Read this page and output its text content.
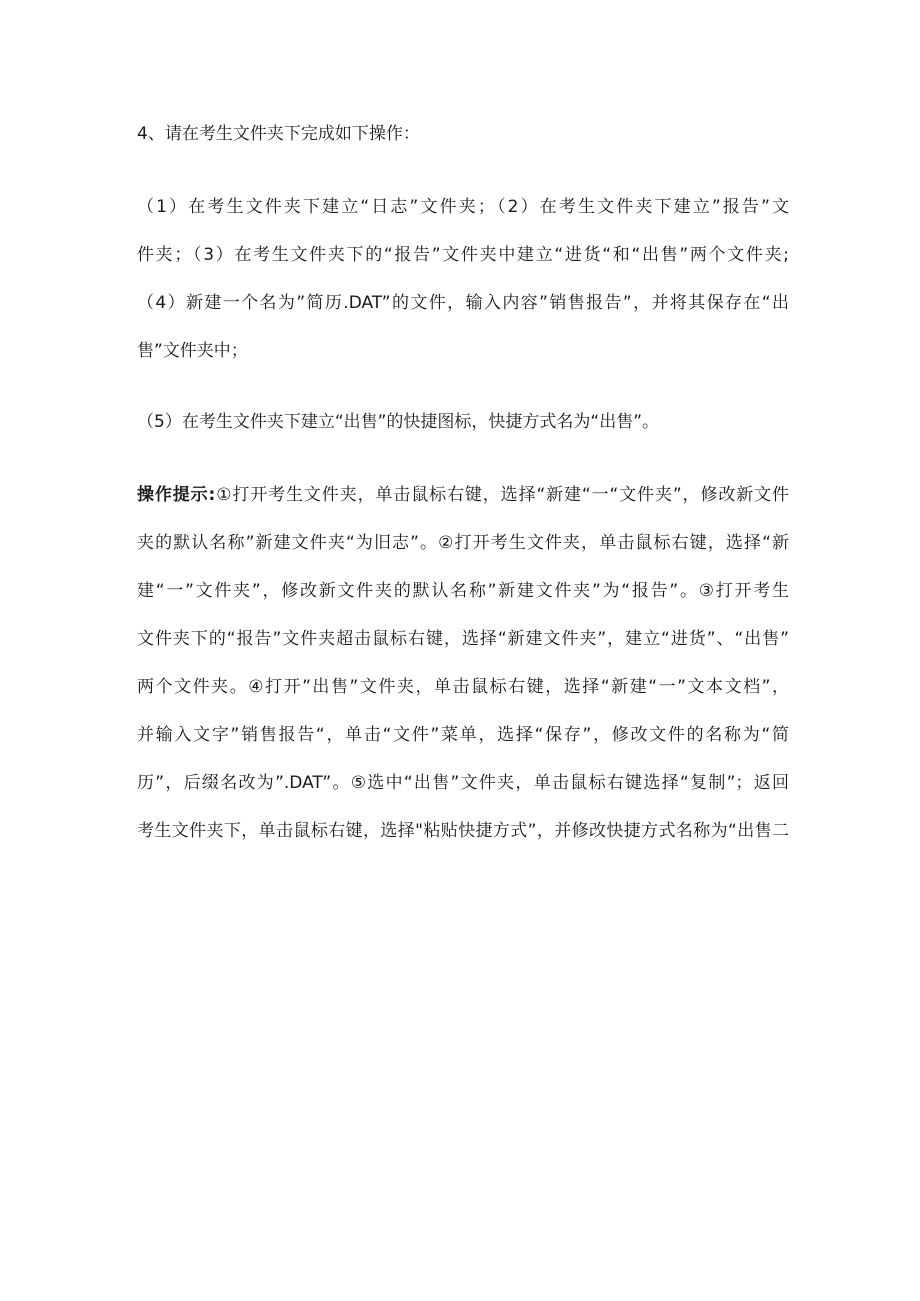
4、请在考生文件夹下完成如下操作：
（1）在考生文件夹下建立“日志”文件夹；（2）在考生文件夹下建立”报告”文
件夹；（3）在考生文件夹下的“报告”文件夹中建立“进货“和“出售”两个文件夹;
（4）新建一个名为”简历.DAT”的文件，输入内容”销售报告”，并将其保存在“出
售”文件夹中；
（5）在考生文件夹下建立“出售”的快捷图标，快捷方式名为“出售”。
操作提示:①打开考生文件夹，单击鼠标右键，选择“新建“一“文件夹”，修改新文件
夹的默认名称”新建文件夹“为旧志”。②打开考生文件夹，单击鼠标右键，选择“新
建“一”文件夹”，修改新文件夹的默认名称”新建文件夹”为“报告”。③打开考生
文件夹下的“报告”文件夹超击鼠标右键，选择“新建文件夹”，建立“进货”、“出售”
两个文件夹。④打开”出售”文件夹，单击鼠标右键，选择“新建“一”文本文档”，
并输入文字”销售报告“，单击“文件”菜单，选择“保存”，修改文件的名称为“简
历”，后缀名改为”.DAT”。⑤选中“出售”文件夹，单击鼠标右键选择“复制”；返回
考生文件夹下，单击鼠标右键，选择"粘贴快捷方式”，并修改快捷方式名称为“出售二
